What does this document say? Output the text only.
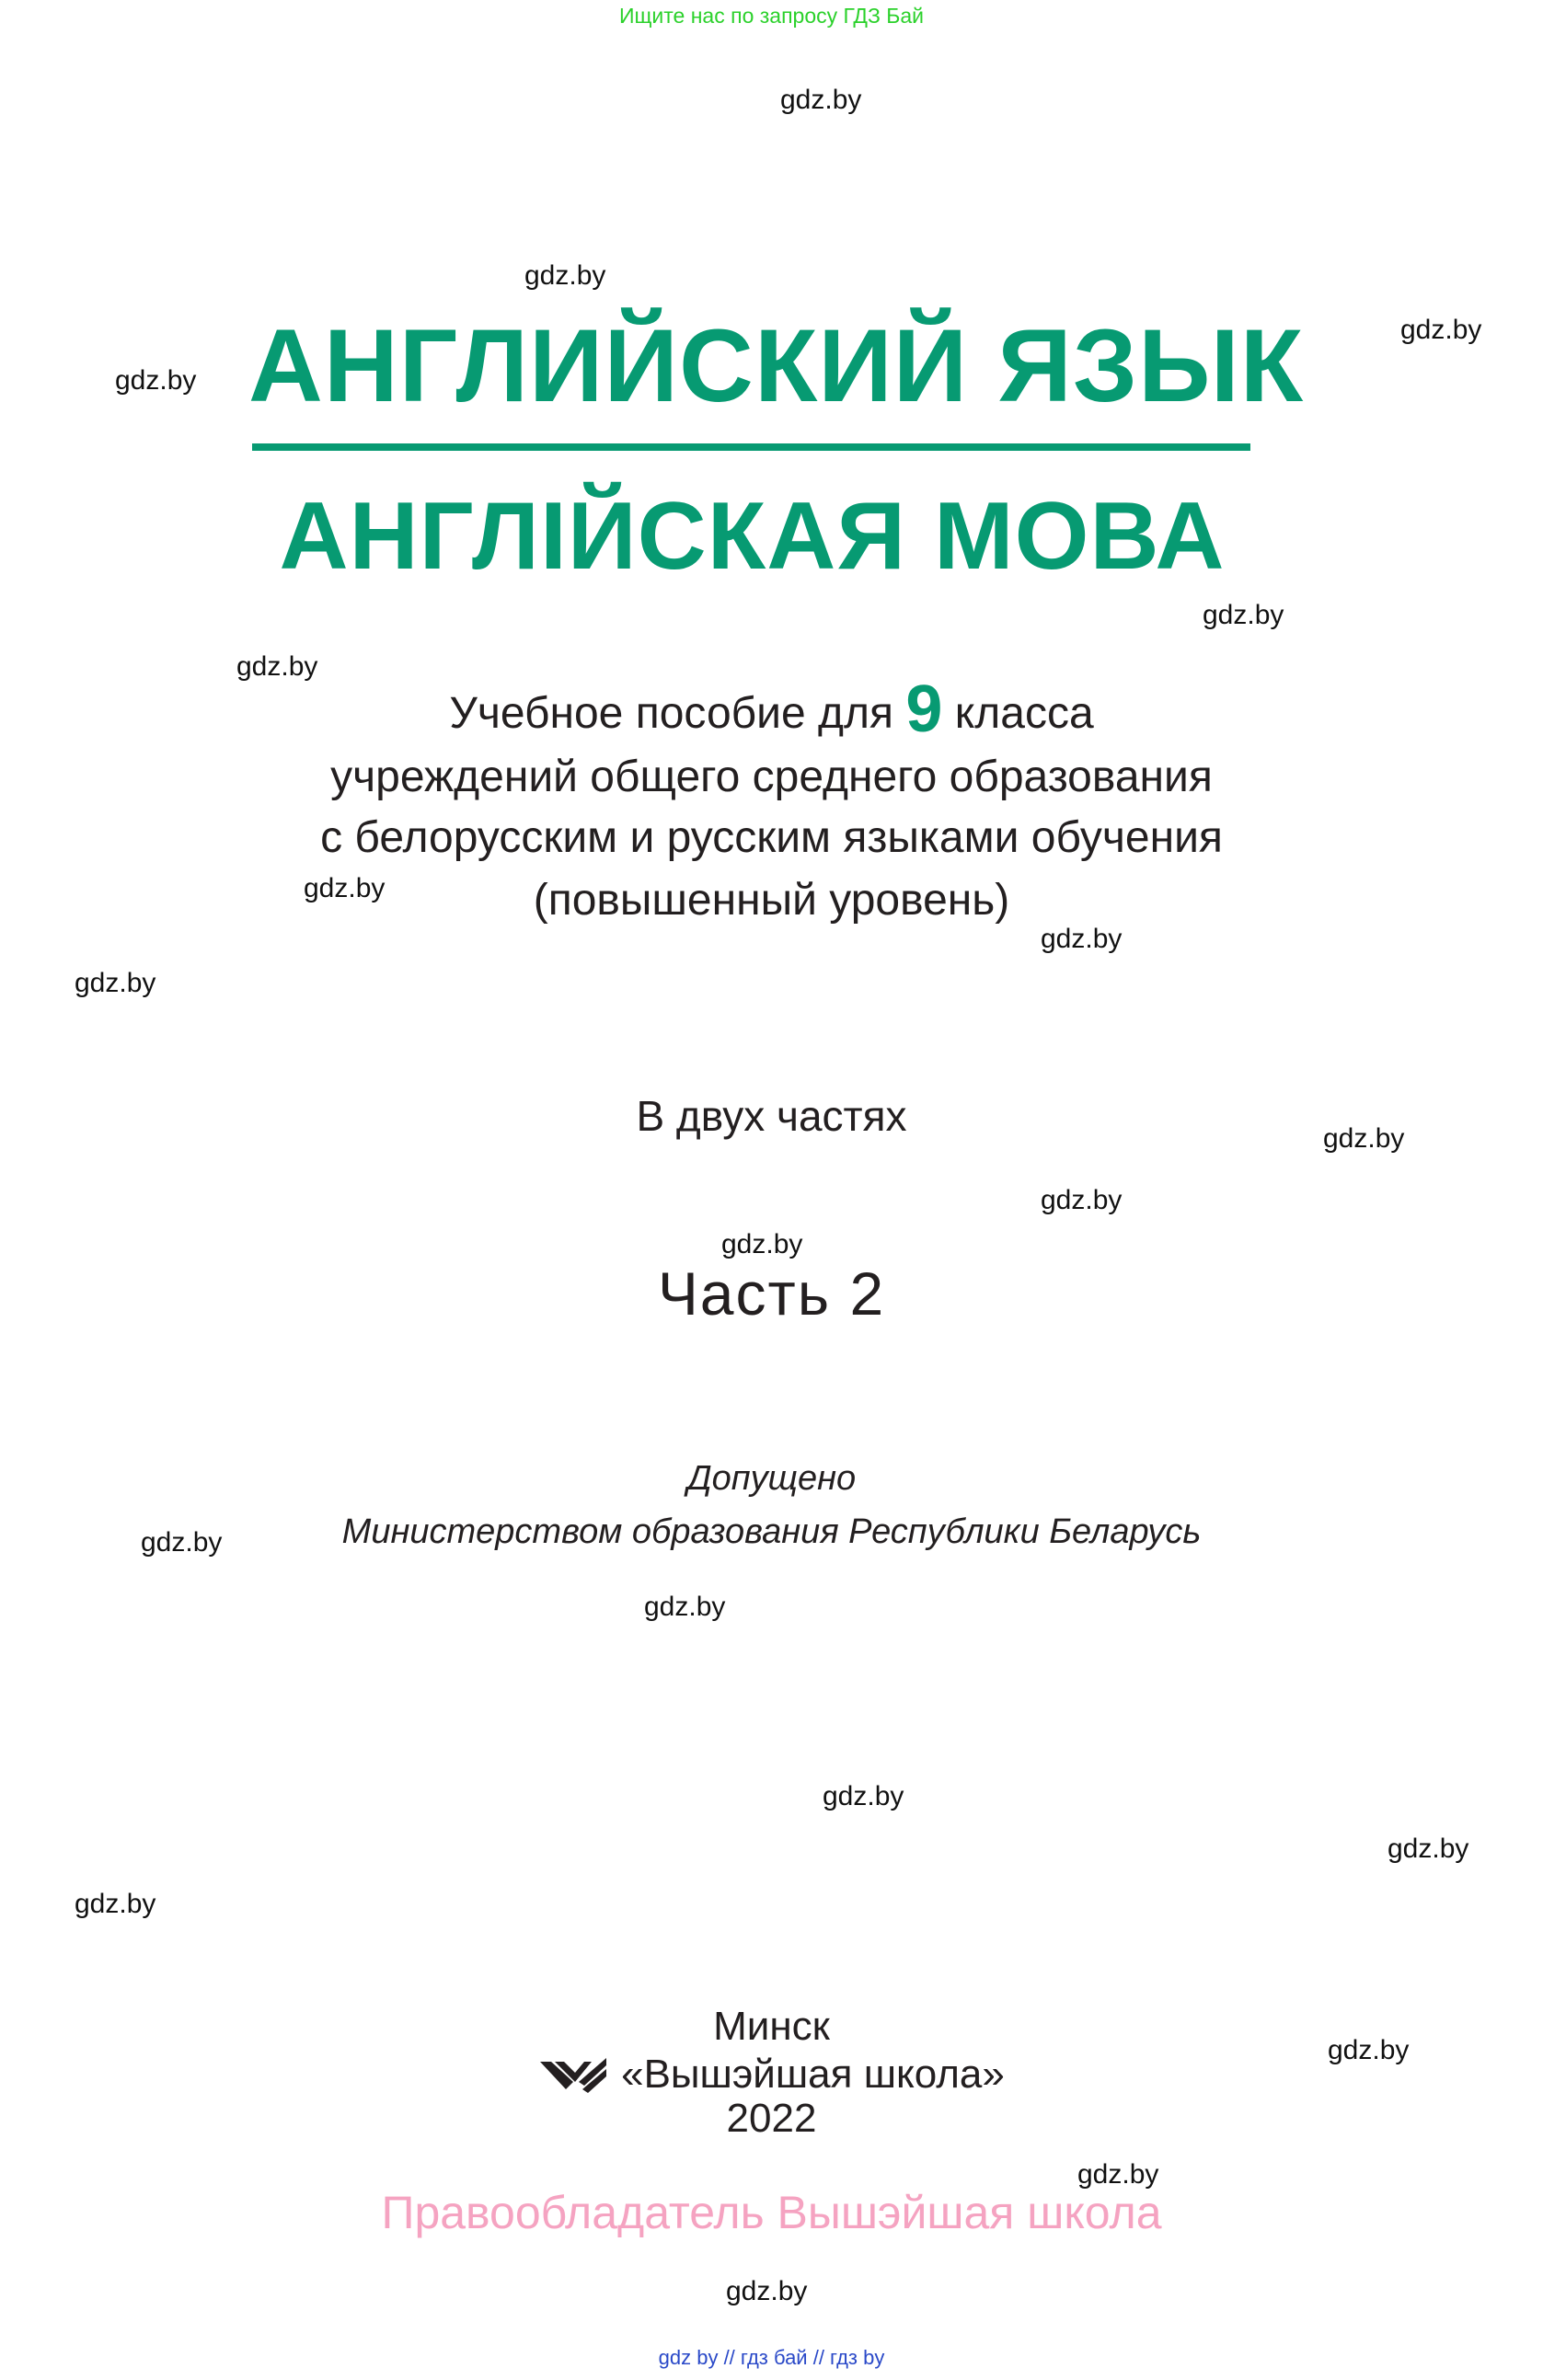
Ищите нас по запросу ГДЗ Бай
gdz.by
gdz.by
gdz.by
gdz.by
gdz.by
gdz.by
gdz.by
gdz.by
gdz.by
gdz.by
gdz.by
gdz.by
gdz.by
gdz.by
gdz.by
gdz.by
gdz.by
gdz.by
gdz.by
gdz.by
АНГЛИЙСКИЙ ЯЗЫК
АНГЛІЙСКАЯ МОВА
Учебное пособие для 9 класса
учреждений общего среднего образования
с белорусским и русским языками обучения
(повышенный уровень)
В двух частях
Часть 2
Допущено
Министерством образования Республики Беларусь
Минск
«Вышэйшая школа»
2022
Правообладатель Вышэйшая школа
gdz by // гдз бай // гдз by
